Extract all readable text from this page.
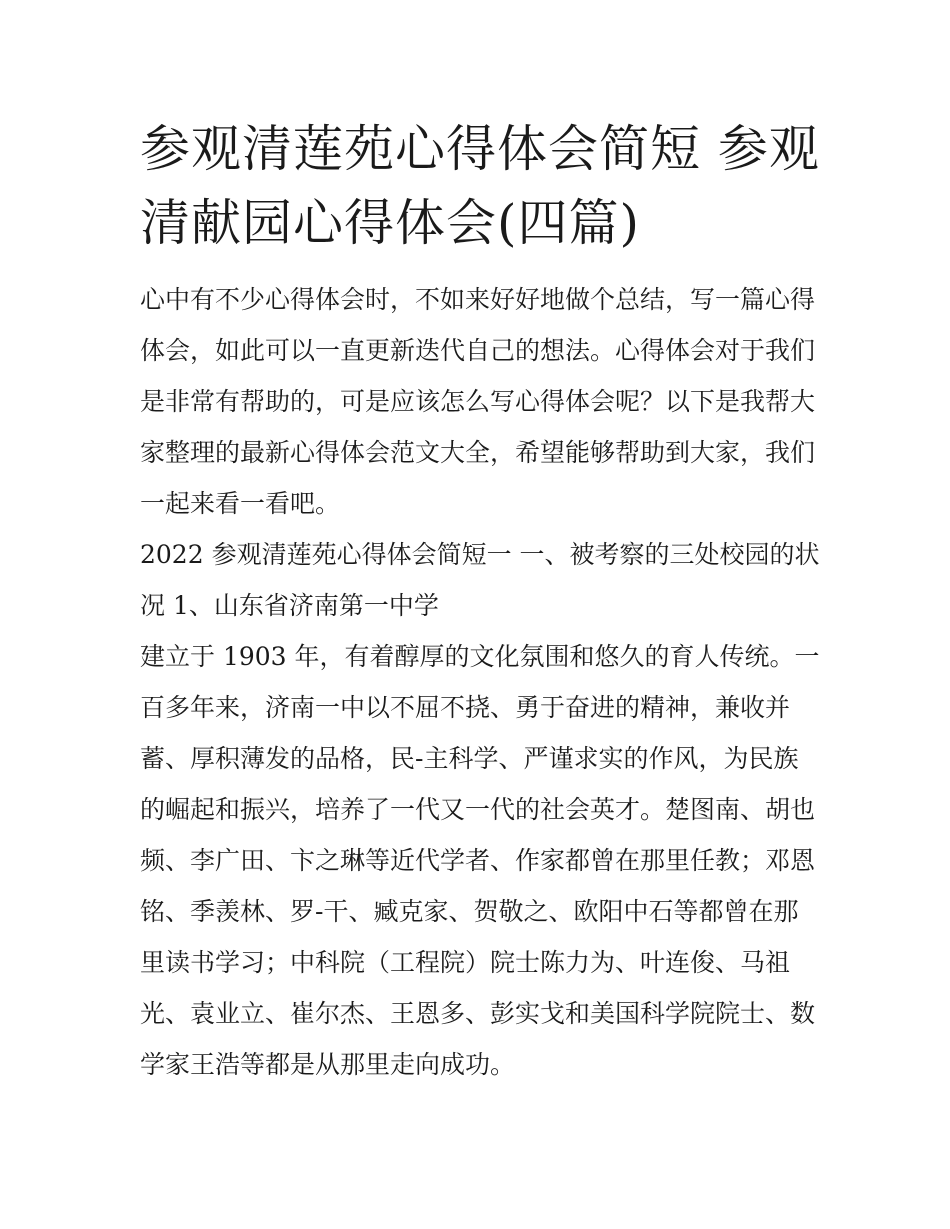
参观清莲苑心得体会简短 参观清献园心得体会(四篇)

心中有不少心得体会时，不如来好好地做个总结，写一篇心得体会，如此可以一直更新迭代自己的想法。心得体会对于我们是非常有帮助的，可是应该怎么写心得体会呢？以下是我帮大家整理的最新心得体会范文大全，希望能够帮助到大家，我们一起来看一看吧。

2022 参观清莲苑心得体会简短一 一、被考察的三处校园的状况 1、山东省济南第一中学

建立于 1903 年，有着醇厚的文化氛围和悠久的育人传统。一百多年来，济南一中以不屈不挠、勇于奋进的精神，兼收并蓄、厚积薄发的品格，民-主科学、严谨求实的作风，为民族的崛起和振兴，培养了一代又一代的社会英才。楚图南、胡也频、李广田、卞之琳等近代学者、作家都曾在那里任教；邓恩铭、季羡林、罗-干、臧克家、贺敬之、欧阳中石等都曾在那里读书学习；中科院（工程院）院士陈力为、叶连俊、马祖光、袁业立、崔尔杰、王恩多、彭实戈和美国科学院院士、数学家王浩等都是从那里走向成功。
